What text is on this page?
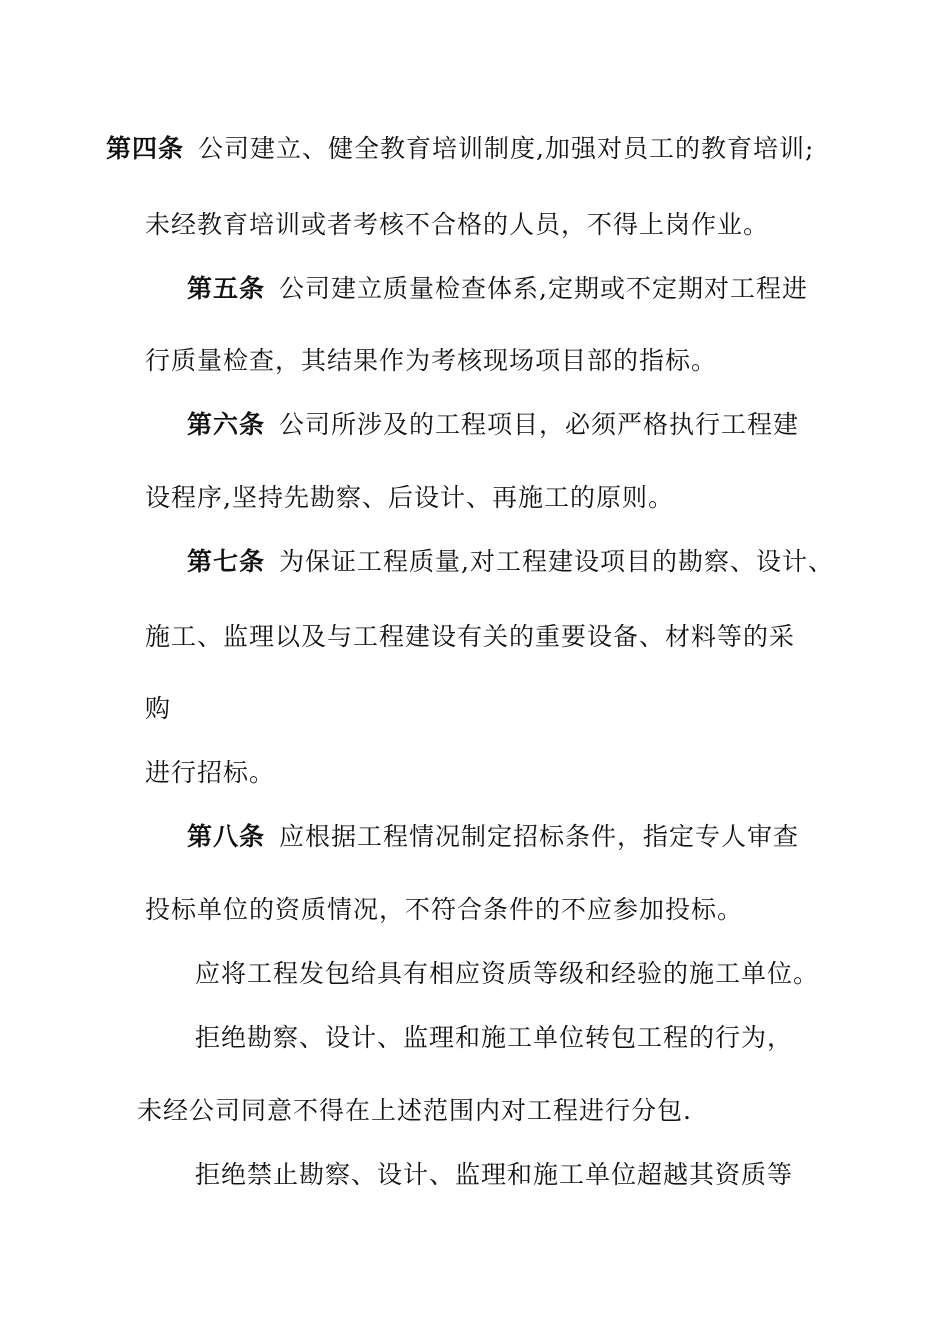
第四条 公司建立、健全教育培训制度,加强对员工的教育培训;
未经教育培训或者考核不合格的人员，不得上岗作业。
第五条 公司建立质量检查体系,定期或不定期对工程进
行质量检查，其结果作为考核现场项目部的指标。
第六条 公司所涉及的工程项目，必须严格执行工程建
设程序,坚持先勘察、后设计、再施工的原则。
第七条 为保证工程质量,对工程建设项目的勘察、设计、
施工、监理以及与工程建设有关的重要设备、材料等的采
购
进行招标。
第八条 应根据工程情况制定招标条件，指定专人审查
投标单位的资质情况，不符合条件的不应参加投标。
应将工程发包给具有相应资质等级和经验的施工单位。
拒绝勘察、设计、监理和施工单位转包工程的行为，
未经公司同意不得在上述范围内对工程进行分包.
拒绝禁止勘察、设计、监理和施工单位超越其资质等
